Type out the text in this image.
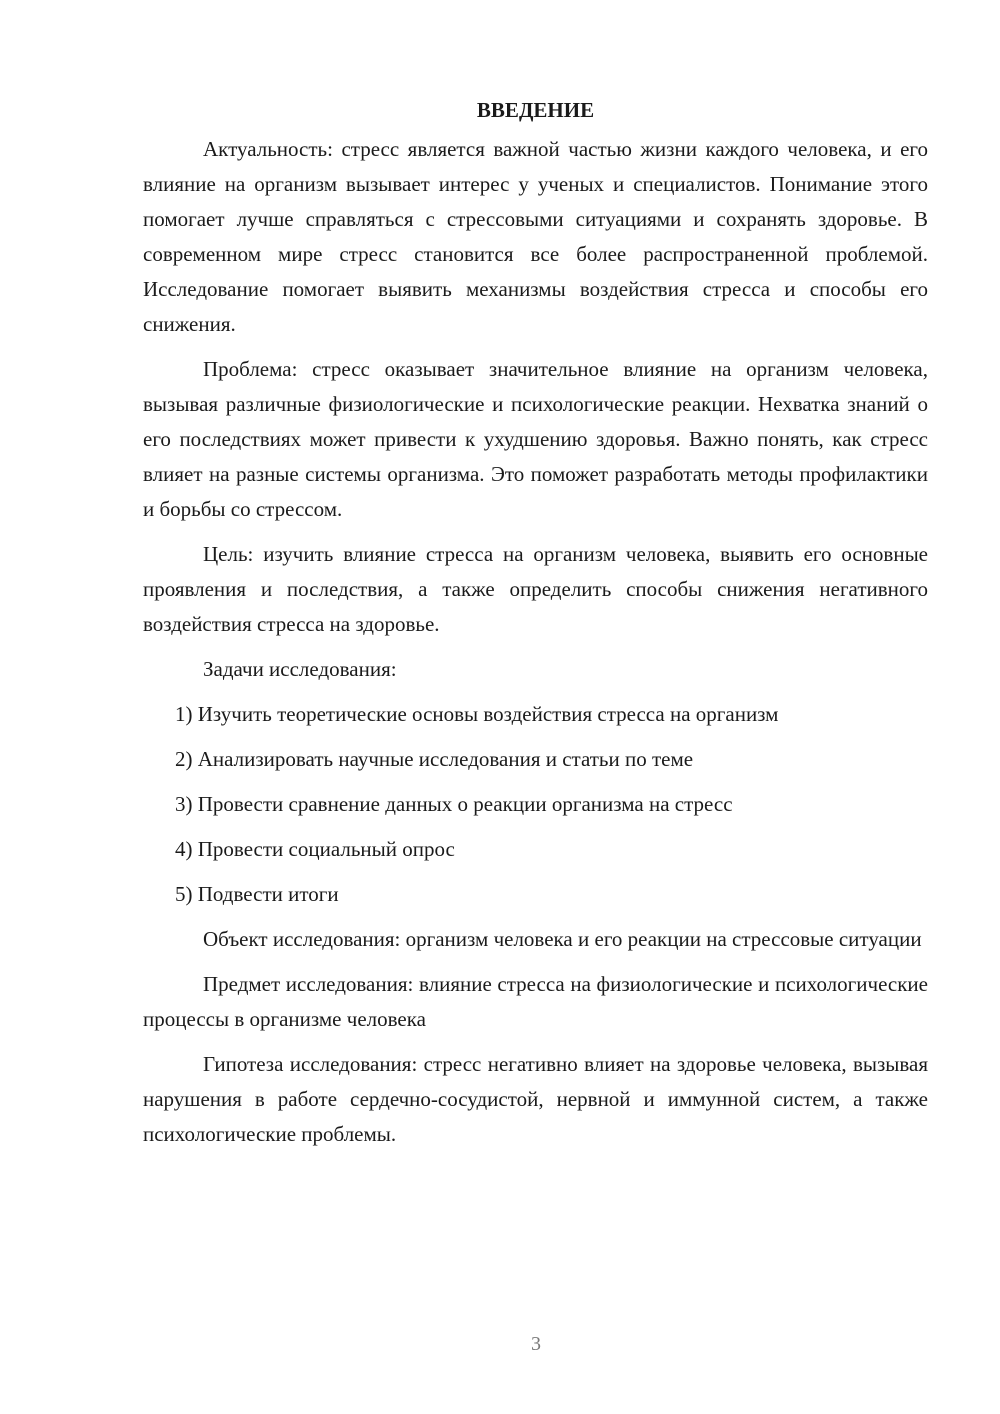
ВВЕДЕНИЕ

Актуальность: стресс является важной частью жизни каждого человека, и его влияние на организм вызывает интерес у ученых и специалистов. Понимание этого помогает лучше справляться с стрессовыми ситуациями и сохранять здоровье. В современном мире стресс становится все более распространенной проблемой. Исследование помогает выявить механизмы воздействия стресса и способы его снижения.

Проблема: стресс оказывает значительное влияние на организм человека, вызывая различные физиологические и психологические реакции. Нехватка знаний о его последствиях может привести к ухудшению здоровья. Важно понять, как стресс влияет на разные системы организма. Это поможет разработать методы профилактики и борьбы со стрессом.

Цель: изучить влияние стресса на организм человека, выявить его основные проявления и последствия, а также определить способы снижения негативного воздействия стресса на здоровье.

Задачи исследования:

1) Изучить теоретические основы воздействия стресса на организм
2) Анализировать научные исследования и статьи по теме
3) Провести сравнение данных о реакции организма на стресс
4) Провести социальный опрос
5) Подвести итоги

Объект исследования: организм человека и его реакции на стрессовые ситуации

Предмет исследования: влияние стресса на физиологические и психологические процессы в организме человека

Гипотеза исследования: стресс негативно влияет на здоровье человека, вызывая нарушения в работе сердечно-сосудистой, нервной и иммунной систем, а также психологические проблемы.

3
